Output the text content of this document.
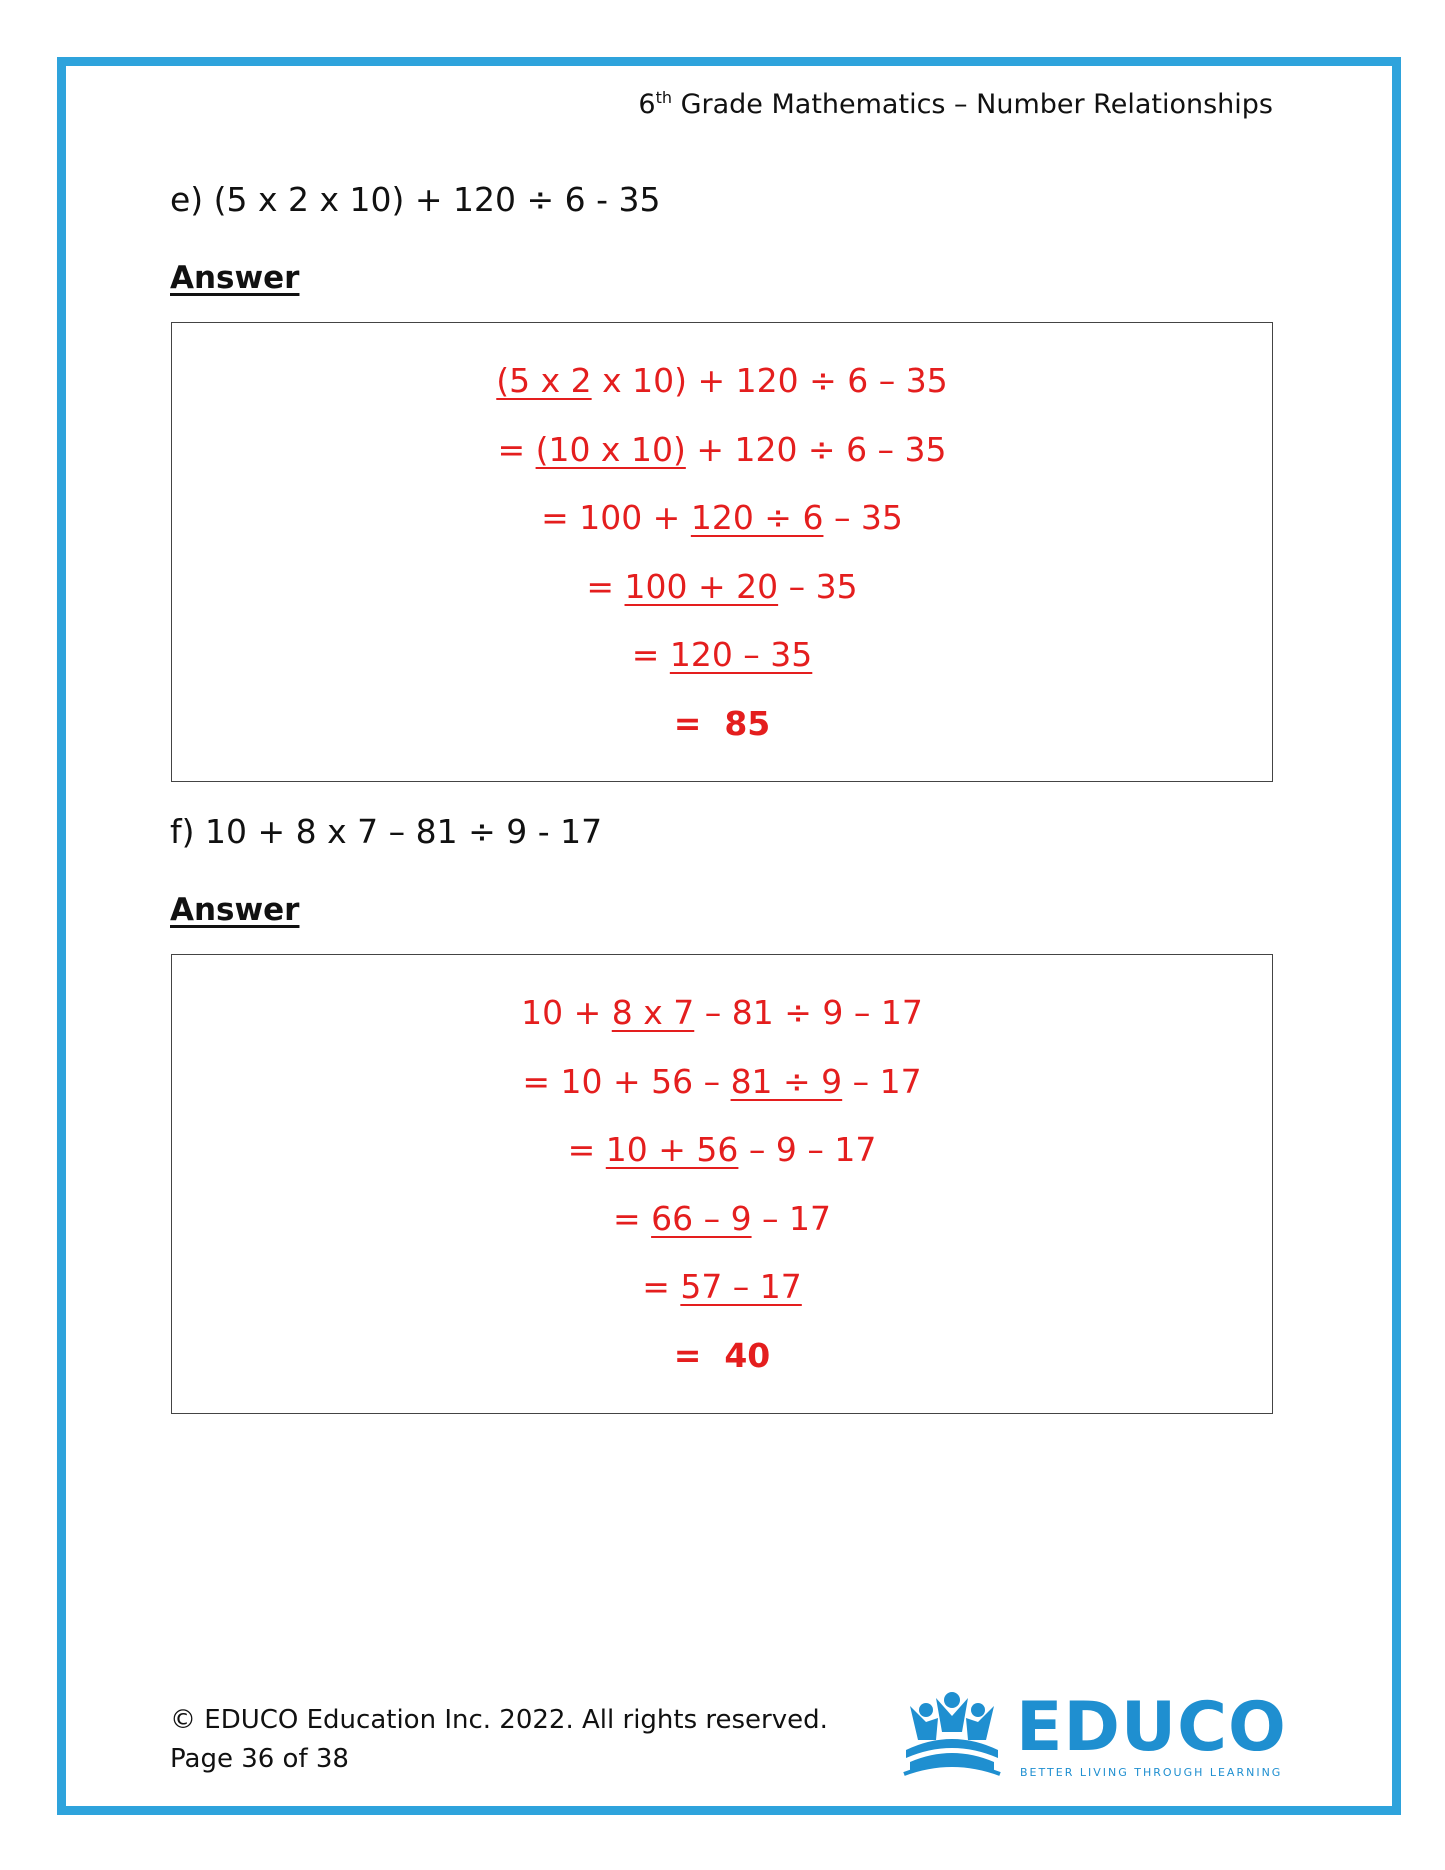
6th Grade Mathematics – Number Relationships
e) (5 x 2 x 10) + 120 ÷ 6 - 35
Answer
(5 x 2 x 10) + 120 ÷ 6 – 35
= (10 x 10) + 120 ÷ 6 – 35
= 100 + 120 ÷ 6 – 35
= 100 + 20 – 35
= 120 – 35
=  85
f) 10 + 8 x 7 – 81 ÷ 9 - 17
Answer
10 + 8 x 7 – 81 ÷ 9 – 17
= 10 + 56 – 81 ÷ 9 – 17
= 10 + 56 – 9 – 17
= 66 – 9 – 17
= 57 – 17
=  40
© EDUCO Education Inc. 2022. All rights reserved.
Page 36 of 38	EDUCO
BETTER LIVING THROUGH LEARNING
